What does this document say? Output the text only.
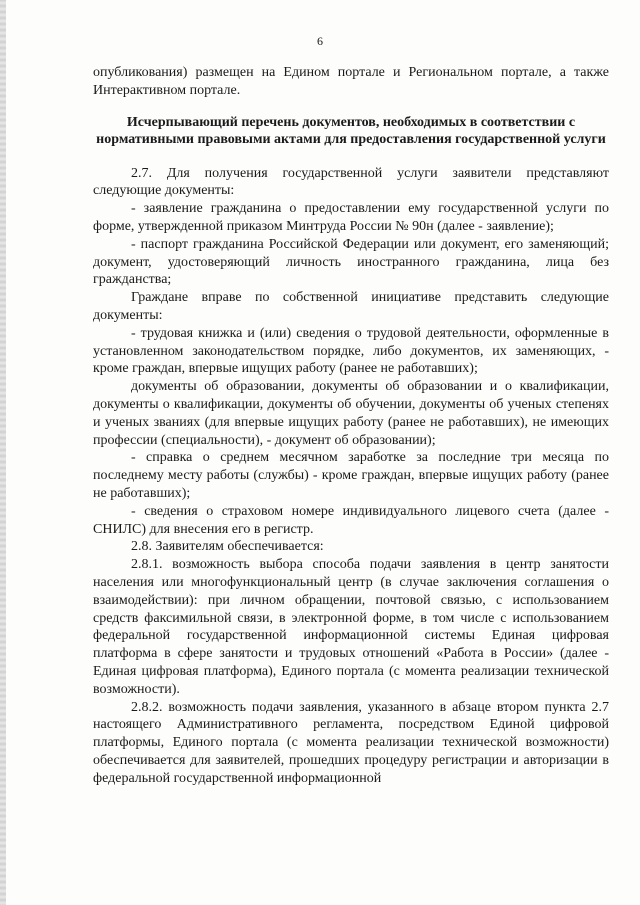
6

опубликования) размещен на Едином портале и Региональном портале, а также Интерактивном портале.

Исчерпывающий перечень документов, необходимых в соответствии с нормативными правовыми актами для предоставления государственной услуги

2.7. Для получения государственной услуги заявители представляют следующие документы:

- заявление гражданина о предоставлении ему государственной услуги по форме, утвержденной приказом Минтруда России № 90н (далее - заявление);

- паспорт гражданина Российской Федерации или документ, его заменяющий; документ, удостоверяющий личность иностранного гражданина, лица без гражданства;

Граждане вправе по собственной инициативе представить следующие документы:

- трудовая книжка и (или) сведения о трудовой деятельности, оформленные в установленном законодательством порядке, либо документов, их заменяющих, - кроме граждан, впервые ищущих работу (ранее не работавших);

документы об образовании, документы об образовании и о квалификации, документы о квалификации, документы об обучении, документы об ученых степенях и ученых званиях (для впервые ищущих работу (ранее не работавших), не имеющих профессии (специальности), - документ об образовании);

- справка о среднем месячном заработке за последние три месяца по последнему месту работы (службы) - кроме граждан, впервые ищущих работу (ранее не работавших);

- сведения о страховом номере индивидуального лицевого счета (далее - СНИЛС) для внесения его в регистр.

2.8. Заявителям обеспечивается:

2.8.1. возможность выбора способа подачи заявления в центр занятости населения или многофункциональный центр (в случае заключения соглашения о взаимодействии): при личном обращении, почтовой связью, с использованием средств факсимильной связи, в электронной форме, в том числе с использованием федеральной государственной информационной системы Единая цифровая платформа в сфере занятости и трудовых отношений «Работа в России» (далее - Единая цифровая платформа), Единого портала (с момента реализации технической возможности).

2.8.2. возможность подачи заявления, указанного в абзаце втором пункта 2.7 настоящего Административного регламента, посредством Единой цифровой платформы, Единого портала (с момента реализации технической возможности) обеспечивается для заявителей, прошедших процедуру регистрации и авторизации в федеральной государственной информационной
